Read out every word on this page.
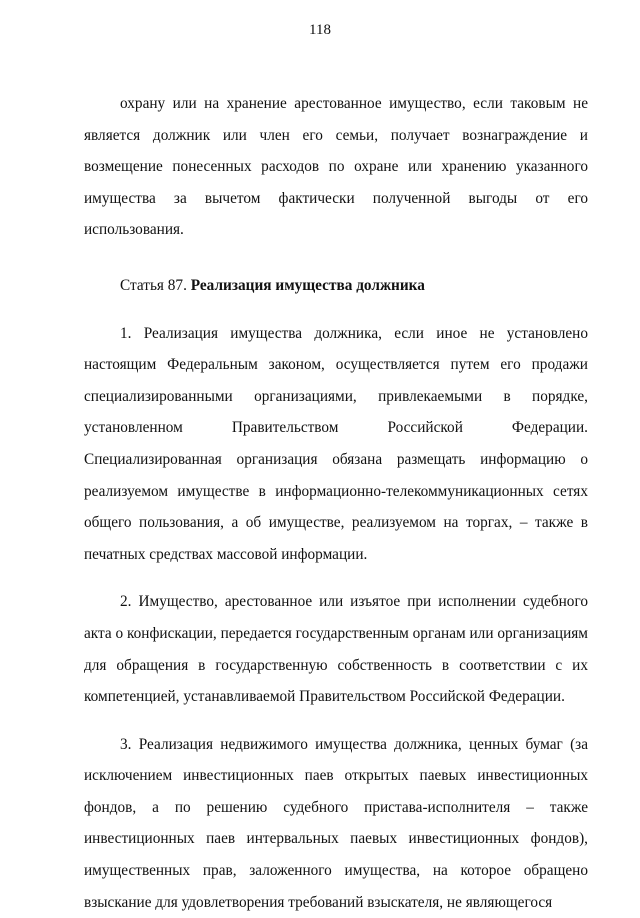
118

охрану или на хранение арестованное имущество, если таковым не является должник или член его семьи, получает вознаграждение и возмещение понесенных расходов по охране или хранению указанного имущества за вычетом фактически полученной выгоды от его использования.

Статья 87. Реализация имущества должника

1. Реализация имущества должника, если иное не установлено настоящим Федеральным законом, осуществляется путем его продажи специализированными организациями, привлекаемыми в порядке, установленном Правительством Российской Федерации. Специализированная организация обязана размещать информацию о реализуемом имуществе в информационно-телекоммуникационных сетях общего пользования, а об имуществе, реализуемом на торгах, – также в печатных средствах массовой информации.

2. Имущество, арестованное или изъятое при исполнении судебного акта о конфискации, передается государственным органам или организациям для обращения в государственную собственность в соответствии с их компетенцией, устанавливаемой Правительством Российской Федерации.

3. Реализация недвижимого имущества должника, ценных бумаг (за исключением инвестиционных паев открытых паевых инвестиционных фондов, а по решению судебного пристава-исполнителя – также инвестиционных паев интервальных паевых инвестиционных фондов), имущественных прав, заложенного имущества, на которое обращено взыскание для удовлетворения требований взыскателя, не являющегося
